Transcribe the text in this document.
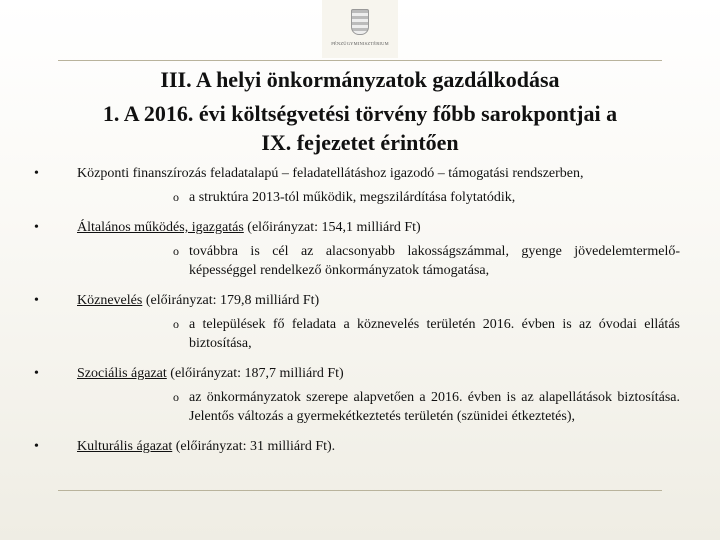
PÉNZÜGYMINISZTÉRIUM
III. A helyi önkormányzatok gazdálkodása
1. A 2016. évi költségvetési törvény főbb sarokpontjai a
IX. fejezetet érintően
•	Központi finanszírozás feladatalapú – feladatellátáshoz igazodó – támogatási rendszerben,
o a struktúra 2013-tól működik, megszilárdítása folytatódik,
•	Általános működés, igazgatás (előirányzat: 154,1 milliárd Ft)
o továbbra is cél az alacsonyabb lakosságszámmal, gyenge jövedelemtermelő-képességgel rendelkező önkormányzatok támogatása,
•	Köznevelés (előirányzat: 179,8 milliárd Ft)
o a települések fő feladata a köznevelés területén 2016. évben is az óvodai ellátás biztosítása,
•	Szociális ágazat (előirányzat: 187,7 milliárd Ft)
o az önkormányzatok szerepe alapvetően a 2016. évben is az alapellátások biztosítása. Jelentős változás a gyermekétkeztetés területén (szünidei étkeztetés),
•	Kulturális ágazat (előirányzat: 31 milliárd Ft).
